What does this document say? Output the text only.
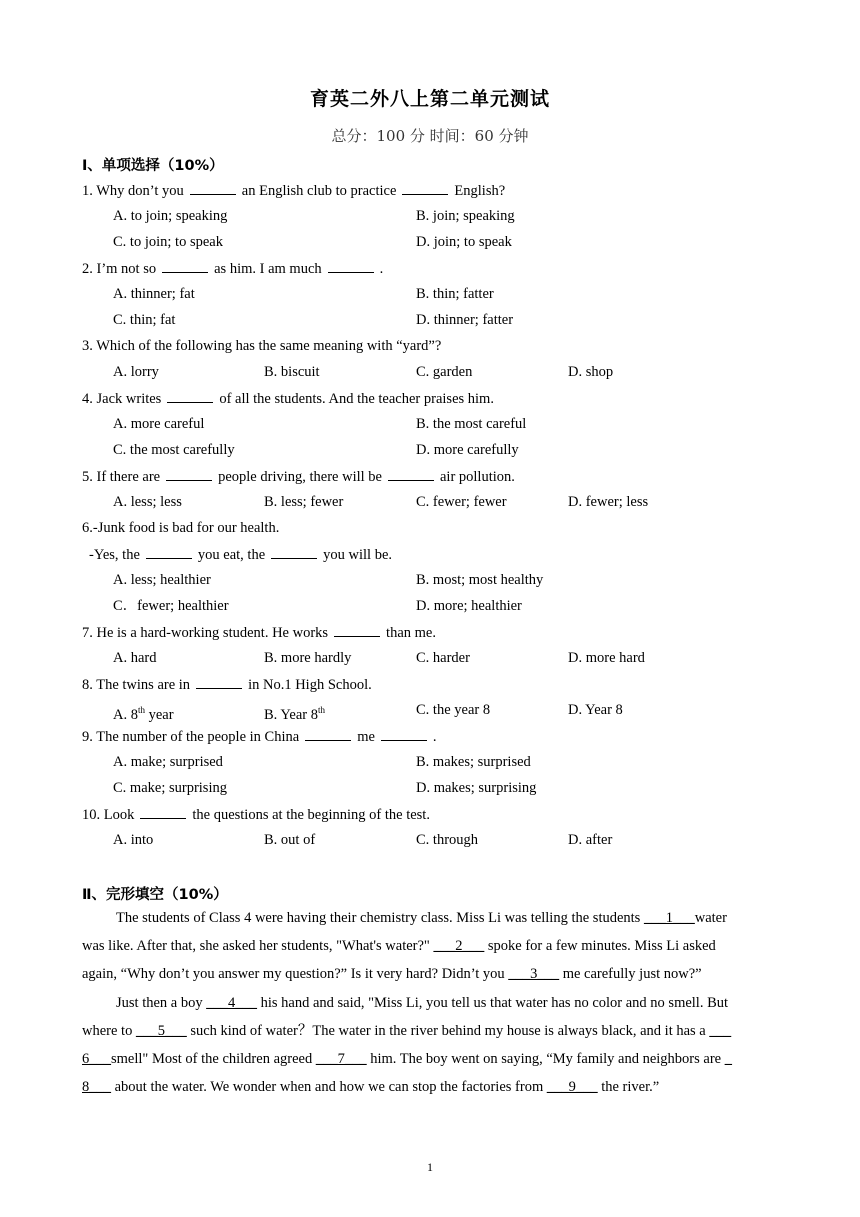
育英二外八上第二单元测试
总分：100 分 时间：60 分钟
Ⅰ、单项选择（10%）
1. Why don’t you	an English club to practice	English?
A. to join; speaking	B. join; speaking
C. to join; to speak	D. join; to speak
2. I’m not so	as him. I am much	.
A. thinner; fat	B. thin; fatter
C. thin; fat	D. thinner; fatter
3. Which of the following has the same meaning with “yard”?
A. lorry	B. biscuit	C. garden	D. shop
4. Jack writes	of all the students. And the teacher praises him.
A. more careful	B. the most careful
C. the most carefully	D. more carefully
5. If there are	people driving, there will be	air pollution.
A. less; less	B. less; fewer	C. fewer; fewer	D. fewer; less
6.-Junk food is bad for our health.
-Yes, the	you eat, the	you will be.
A. less; healthier	B. most; most healthy
C．fewer; healthier	D. more; healthier
7. He is a hard-working student. He works	than me.
A. hard	B. more hardly	C. harder	D. more hard
8. The twins are in	in No.1 High School.
A. 8th year	B. Year 8th	C. the year 8	D. Year 8
9. The number of the people in China	me	.
A. make; surprised	B. makes; surprised
C. make; surprising	D. makes; surprising
10. Look	the questions at the beginning of the test.
A. into	B. out of	C. through	D. after
Ⅱ、完形填空（10%）
The students of Class 4 were having their chemistry class. Miss Li was telling the students ___1___water
was like. After that, she asked her students, "What's water?" ___2___ spoke for a few minutes. Miss Li asked
again, “Why don’t you answer my question?” Is it very hard? Didn’t you ___3___ me carefully just now?”
Just then a boy ___4___ his hand and said, "Miss Li, you tell us that water has no color and no smell. But
where to ___5___ such kind of water？The water in the river behind my house is always black, and it has a ___
6___smell" Most of the children agreed ___7___ him. The boy went on saying, “My family and neighbors are _
8___ about the water. We wonder when and how we can stop the factories from ___9___ the river.”
1
